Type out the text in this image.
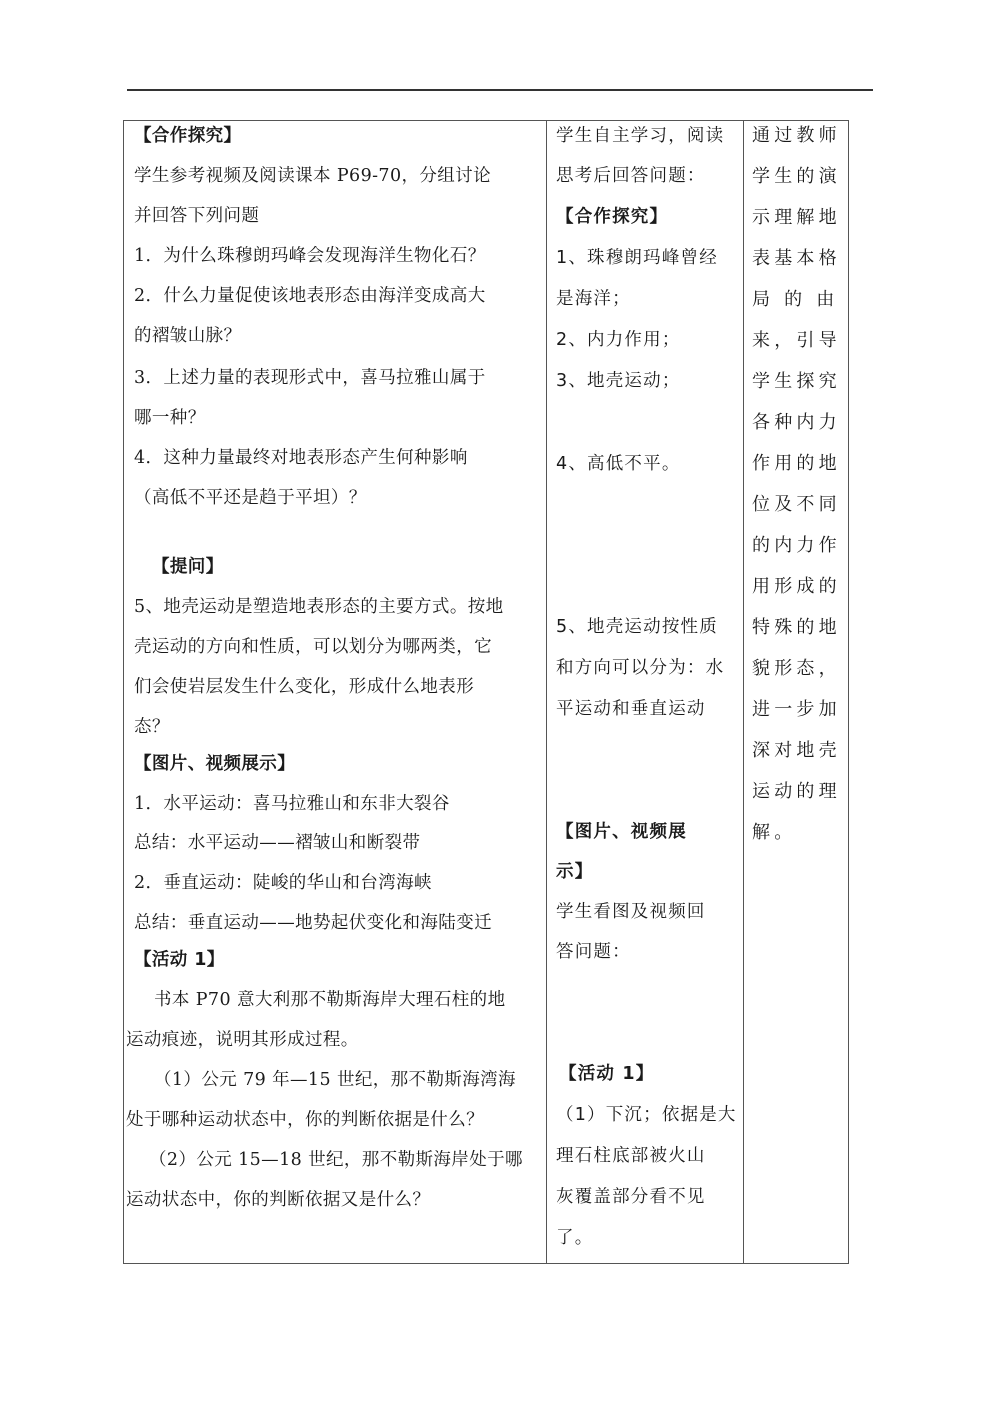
【合作探究】
学生参考视频及阅读课本 P69-70，分组讨论
并回答下列问题
1．为什么珠穆朗玛峰会发现海洋生物化石？
2．什么力量促使该地表形态由海洋变成高大
的褶皱山脉？
3．上述力量的表现形式中，喜马拉雅山属于
哪一种？
4．这种力量最终对地表形态产生何种影响
（高低不平还是趋于平坦）？
【提问】
5、地壳运动是塑造地表形态的主要方式。按地
壳运动的方向和性质，可以划分为哪两类，它
们会使岩层发生什么变化，形成什么地表形
态？
【图片、视频展示】
1．水平运动：喜马拉雅山和东非大裂谷
总结：水平运动——褶皱山和断裂带
2．垂直运动：陡峻的华山和台湾海峡
总结：垂直运动——地势起伏变化和海陆变迁
【活动 1】
书本 P70 意大利那不勒斯海岸大理石柱的地
运动痕迹，说明其形成过程。
（1）公元 79 年—15 世纪，那不勒斯海湾海
处于哪种运动状态中，你的判断依据是什么？
（2）公元 15—18 世纪，那不勒斯海岸处于哪
运动状态中，你的判断依据又是什么？
学生自主学习，阅读
思考后回答问题：
【合作探究】
1、珠穆朗玛峰曾经
是海洋；
2、内力作用；
3、地壳运动；
4、高低不平。
5、地壳运动按性质
和方向可以分为：水
平运动和垂直运动
【图片、视频展
示】
学生看图及视频回
答问题：
【活动 1】
（1）下沉；依据是大
理石柱底部被火山
灰覆盖部分看不见
了。
通过教师
学生的演
示理解地
表基本格
局 的 由
来，引导
学生探究
各种内力
作用的地
位及不同
的内力作
用形成的
特殊的地
貌形态，
进一步加
深对地壳
运动的理
解。
